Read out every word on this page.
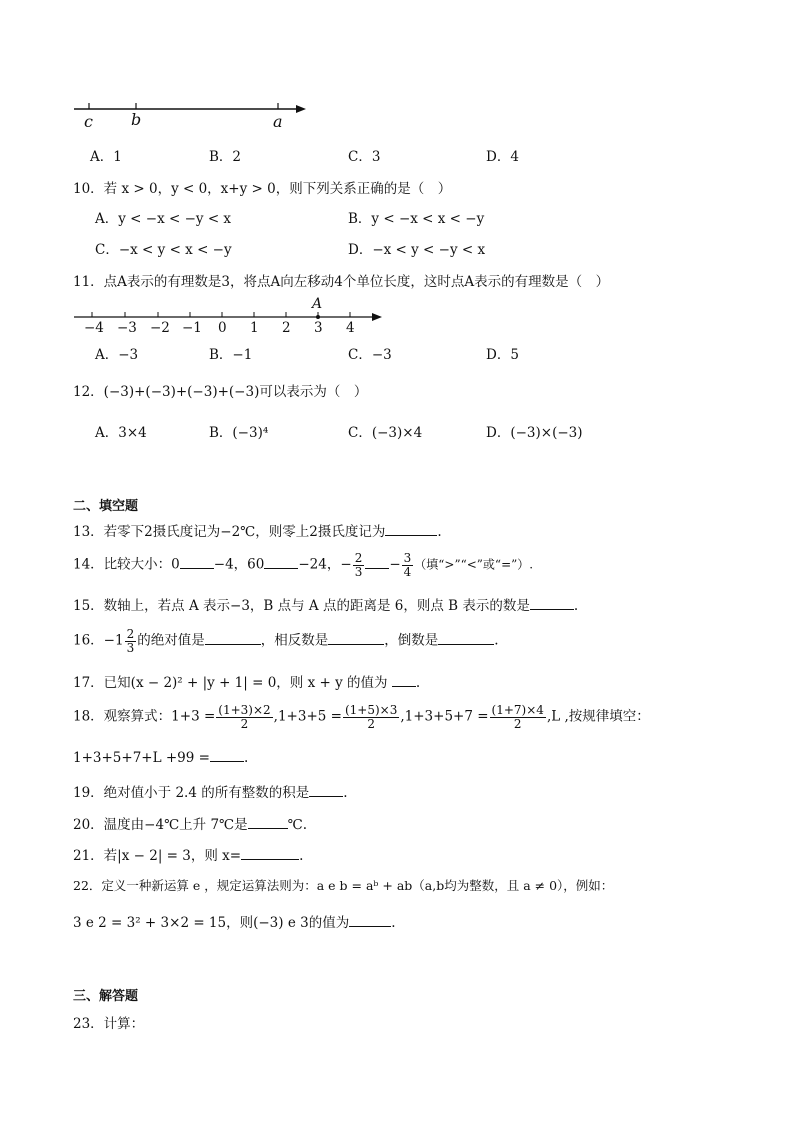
c b	a
A．1	B．2	C．3	D．4
10．若 x > 0，y < 0，x+y > 0，则下列关系正确的是（　）
A．y < −x < −y < x	B．y < −x < x < −y
C．−x < y < x < −y	D．−x < y < −y < x
11．点A表示的有理数是3，将点A向左移动4个单位长度，这时点A表示的有理数是（　）
A
−4 −3 −2 −1 0 1 2 3 4
A．−3	B．−1	C．−3	D．5
12．(−3)+(−3)+(−3)+(−3)可以表示为（　）
A．3×4	B．(−3)⁴	C．(−3)×4	D．(−3)×(−3)
二、填空题
13．若零下2摄氏度记为−2℃，则零上2摄氏度记为	.
14．比较大小：0	−4，60	−24，− $\frac{2}{3} - \frac{3}{4}$ （填“>”“<”或“=”）.
15．数轴上，若点 A 表示−3，B 点与 A 点的距离是 6，则点 B 表示的数是	.
16．$-1 \frac{2}{3}$ 的绝对值是	，相反数是	，倒数是	.
17．已知(x − 2)² + |y + 1| = 0，则 x + y 的值为 .
18．观察算式：$1+3 = \frac{(1+3)\times 2}{2} ,1+3+5 = \frac{(1+5)\times 3}{2} ,1+3+5+7 = \frac{(1+7)\times 4}{2} ,L$ ,按规律填空：
1+3+5+7+L +99 =	.
19．绝对值小于 2.4 的所有整数的积是	.
20．温度由−4℃上升 7℃是	℃.
21．若|x − 2| = 3，则 x=	.
22．定义一种新运算 e ，规定运算法则为：a e b = aᵇ + ab（a,b均为整数，且 a ≠ 0），例如：
3 e 2 = 3² + 3×2 = 15，则(−3) e 3的值为	.
三、解答题
23．计算：
